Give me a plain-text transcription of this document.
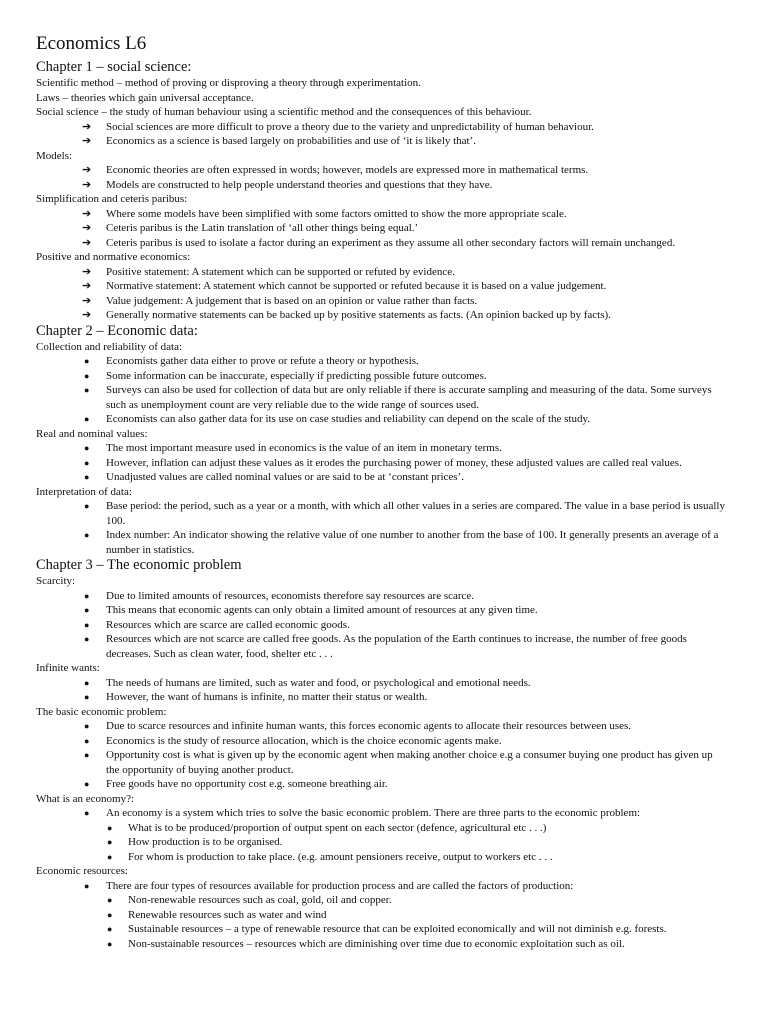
Economics L6
Chapter 1 – social science:
Scientific method – method of proving or disproving a theory through experimentation.
Laws – theories which gain universal acceptance.
Social science – the study of human behaviour using a scientific method and the consequences of this behaviour.
➔ Social sciences are more difficult to prove a theory due to the variety and unpredictability of human behaviour.
➔ Economics as a science is based largely on probabilities and use of ‘it is likely that’.
Models:
➔ Economic theories are often expressed in words; however, models are expressed more in mathematical terms.
➔ Models are constructed to help people understand theories and questions that they have.
Simplification and ceteris paribus:
➔ Where some models have been simplified with some factors omitted to show the more appropriate scale.
➔ Ceteris paribus is the Latin translation of ‘all other things being equal.’
➔ Ceteris paribus is used to isolate a factor during an experiment as they assume all other secondary factors will remain unchanged.
Positive and normative economics:
➔ Positive statement: A statement which can be supported or refuted by evidence.
➔ Normative statement: A statement which cannot be supported or refuted because it is based on a value judgement.
➔ Value judgement: A judgement that is based on an opinion or value rather than facts.
➔ Generally normative statements can be backed up by positive statements as facts. (An opinion backed up by facts).
Chapter 2 – Economic data:
Collection and reliability of data:
● Economists gather data either to prove or refute a theory or hypothesis.
● Some information can be inaccurate, especially if predicting possible future outcomes.
● Surveys can also be used for collection of data but are only reliable if there is accurate sampling and measuring of the data. Some surveys such as unemployment count are very reliable due to the wide range of sources used.
● Economists can also gather data for its use on case studies and reliability can depend on the scale of the study.
Real and nominal values:
● The most important measure used in economics is the value of an item in monetary terms.
● However, inflation can adjust these values as it erodes the purchasing power of money, these adjusted values are called real values.
● Unadjusted values are called nominal values or are said to be at ‘constant prices’.
Interpretation of data:
● Base period: the period, such as a year or a month, with which all other values in a series are compared. The value in a base period is usually 100.
● Index number: An indicator showing the relative value of one number to another from the base of 100. It generally presents an average of a number in statistics.
Chapter 3 – The economic problem
Scarcity:
● Due to limited amounts of resources, economists therefore say resources are scarce.
● This means that economic agents can only obtain a limited amount of resources at any given time.
● Resources which are scarce are called economic goods.
● Resources which are not scarce are called free goods. As the population of the Earth continues to increase, the number of free goods decreases. Such as clean water, food, shelter etc . . .
Infinite wants:
● The needs of humans are limited, such as water and food, or psychological and emotional needs.
● However, the want of humans is infinite, no matter their status or wealth.
The basic economic problem:
● Due to scarce resources and infinite human wants, this forces economic agents to allocate their resources between uses.
● Economics is the study of resource allocation, which is the choice economic agents make.
● Opportunity cost is what is given up by the economic agent when making another choice e.g a consumer buying one product has given up the opportunity of buying another product.
● Free goods have no opportunity cost e.g. someone breathing air.
What is an economy?:
● An economy is a system which tries to solve the basic economic problem. There are three parts to the economic problem:
● What is to be produced/proportion of output spent on each sector (defence, agricultural etc . . .)
● How production is to be organised.
● For whom is production to take place. (e.g. amount pensioners receive, output to workers etc . . .
Economic resources:
● There are four types of resources available for production process and are called the factors of production:
● Non-renewable resources such as coal, gold, oil and copper.
● Renewable resources such as water and wind
● Sustainable resources – a type of renewable resource that can be exploited economically and will not diminish e.g. forests.
● Non-sustainable resources – resources which are diminishing over time due to economic exploitation such as oil.
